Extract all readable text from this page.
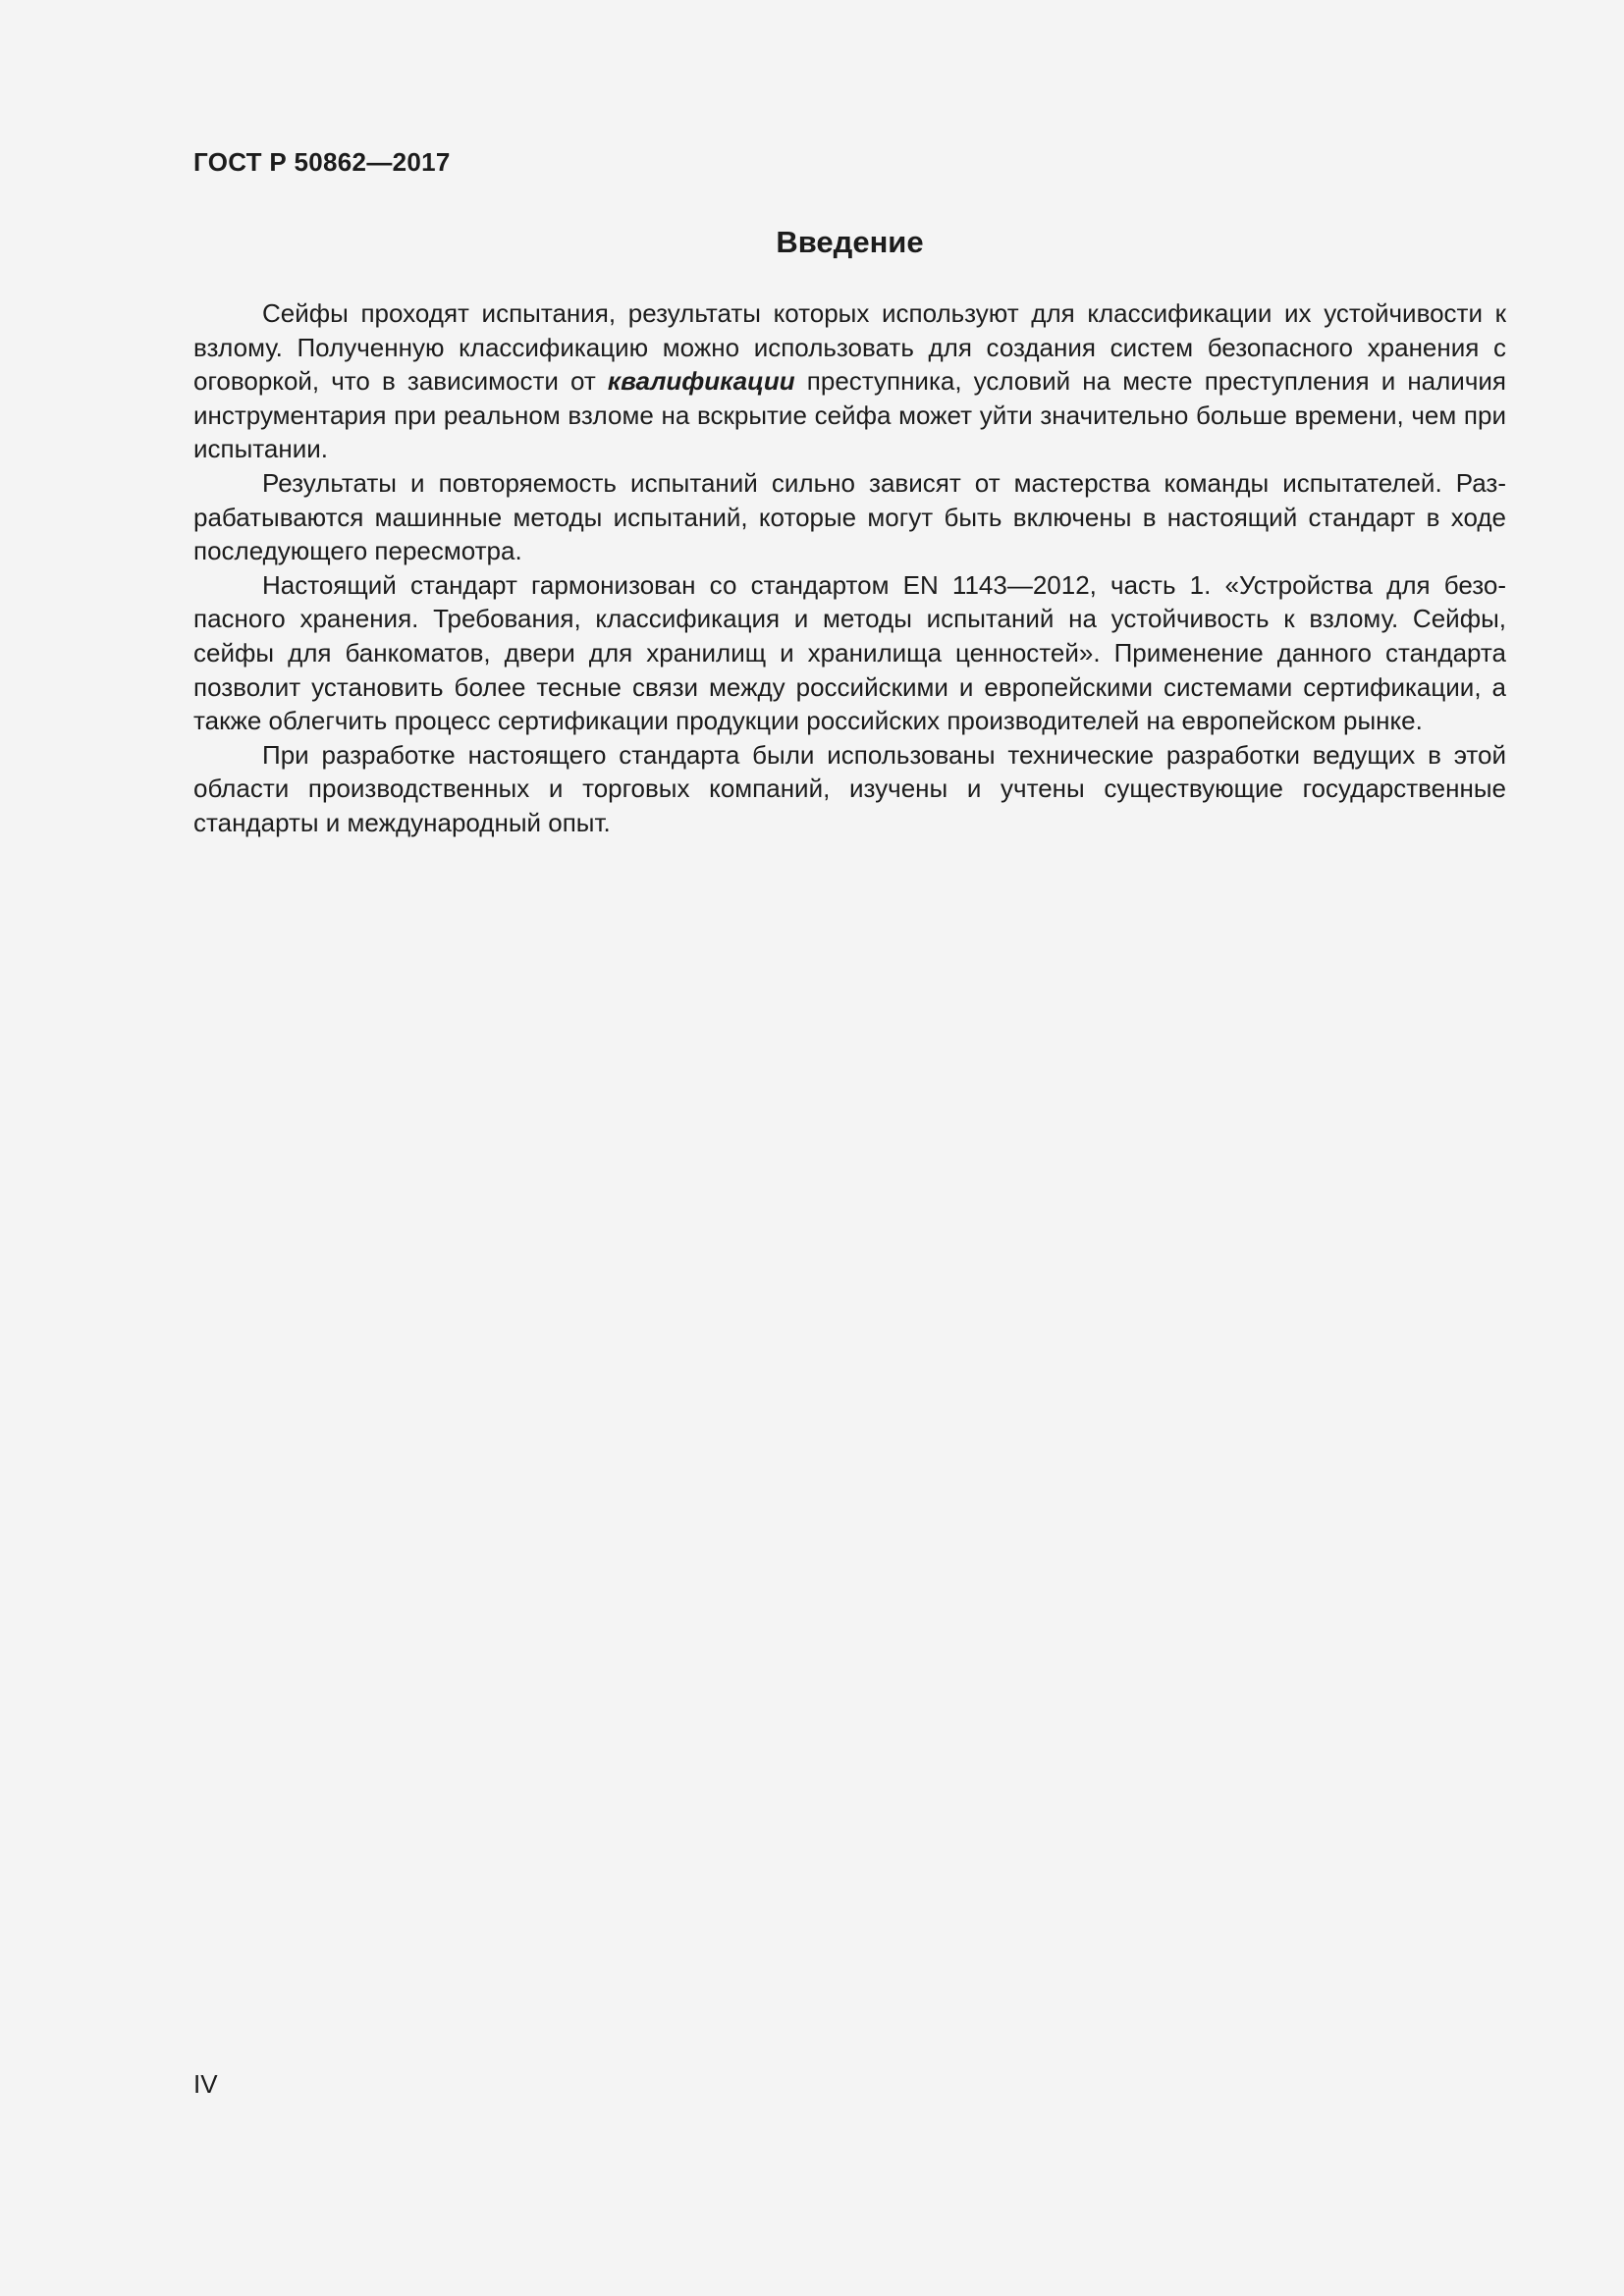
ГОСТ Р 50862—2017

Введение

Сейфы проходят испытания, результаты которых используют для классификации их устойчивости к взлому. Полученную классификацию можно использовать для создания систем безопасного хранения с оговоркой, что в зависимости от квалификации преступника, условий на месте преступления и наличия инструментария при реальном взломе на вскрытие сейфа может уйти значительно больше времени, чем при испытании.

Результаты и повторяемость испытаний сильно зависят от мастерства команды испытателей. Разрабатываются машинные методы испытаний, которые могут быть включены в настоящий стандарт в ходе последующего пересмотра.

Настоящий стандарт гармонизован со стандартом EN 1143—2012, часть 1. «Устройства для безопасного хранения. Требования, классификация и методы испытаний на устойчивость к взлому. Сейфы, сейфы для банкоматов, двери для хранилищ и хранилища ценностей». Применение данного стандарта позволит установить более тесные связи между российскими и европейскими системами сертификации, а также облегчить процесс сертификации продукции российских производителей на европейском рынке.

При разработке настоящего стандарта были использованы технические разработки ведущих в этой области производственных и торговых компаний, изучены и учтены существующие государственные стандарты и международный опыт.

IV
